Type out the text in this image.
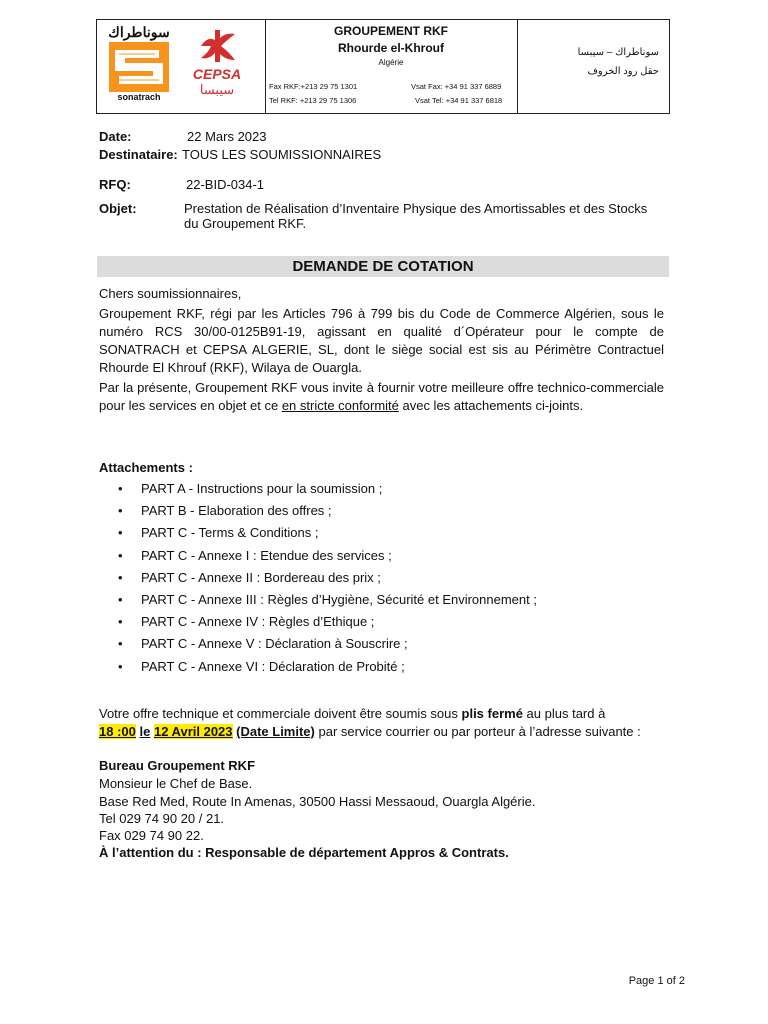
سوناطراك
sonatrach
CEPSA
سيبسا
GROUPEMENT RKF
Rhourde el-Khrouf
Algérie
Fax RKF:+213 29 75 1301
Tel RKF: +213 29 75 1306
Vsat Fax: +34 91 337 6889
Vsat Tel: +34 91 337 6818
سوناطراك – سيبسا
حقل رود الخروف
Date:	22 Mars 2023
Destinataire: TOUS LES SOUMISSIONNAIRES
RFQ:	22-BID-034-1
Objet:	Prestation de Réalisation d’Inventaire Physique des Amortissables et des Stocks
du Groupement RKF.
DEMANDE DE COTATION
Chers soumissionnaires,
Groupement RKF, régi par les Articles 796 à 799 bis du Code de Commerce Algérien, sous le numéro RCS 30/00-0125B91-19, agissant en qualité d´Opérateur pour le compte de SONATRACH et CEPSA ALGERIE, SL, dont le siège social est sis au Périmètre Contractuel Rhourde El Khrouf (RKF), Wilaya de Ouargla.
Par la présente, Groupement RKF vous invite à fournir votre meilleure offre technico-commerciale pour les services en objet et ce en stricte conformité avec les attachements ci-joints.
Attachements :
• PART A - Instructions pour la soumission ;
• PART B - Elaboration des offres ;
• PART C - Terms & Conditions ;
• PART C - Annexe I : Etendue des services ;
• PART C - Annexe II : Bordereau des prix ;
• PART C - Annexe III : Règles d’Hygiène, Sécurité et Environnement ;
• PART C - Annexe IV : Règles d’Ethique ;
• PART C - Annexe V : Déclaration à Souscrire ;
• PART C - Annexe VI : Déclaration de Probité ;
Votre offre technique et commerciale doivent être soumis sous plis fermé au plus tard à
18 :00 le 12 Avril 2023 (Date Limite) par service courrier ou par porteur à l’adresse suivante :
Bureau Groupement RKF
Monsieur le Chef de Base.
Base Red Med, Route In Amenas, 30500 Hassi Messaoud, Ouargla Algérie.
Tel 029 74 90 20 / 21.
Fax 029 74 90 22.
À l’attention du : Responsable de département Appros & Contrats.
Page 1 of 2
